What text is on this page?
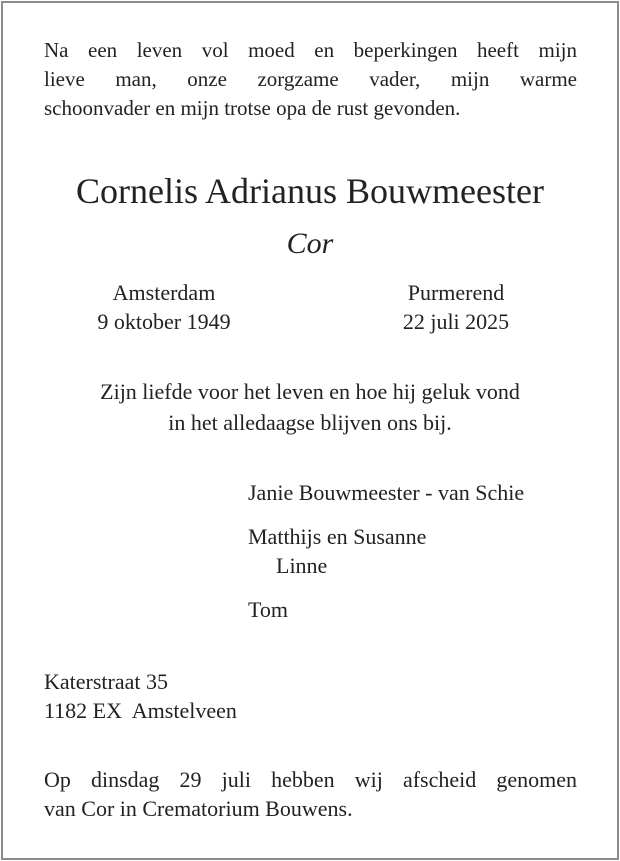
Na een leven vol moed en beperkingen heeft mijn
lieve man, onze zorgzame vader, mijn warme
schoonvader en mijn trotse opa de rust gevonden.

Cornelis Adrianus Bouwmeester
Cor
Amsterdam
9 oktober 1949
Purmerend
22 juli 2025
Zijn liefde voor het leven en hoe hij geluk vond
in het alledaagse blijven ons bij.
Janie Bouwmeester - van Schie
Matthijs en Susanne
Linne
Tom
Katerstraat 35
1182 EX  Amstelveen
Op dinsdag 29 juli hebben wij afscheid genomen
van Cor in Crematorium Bouwens.
